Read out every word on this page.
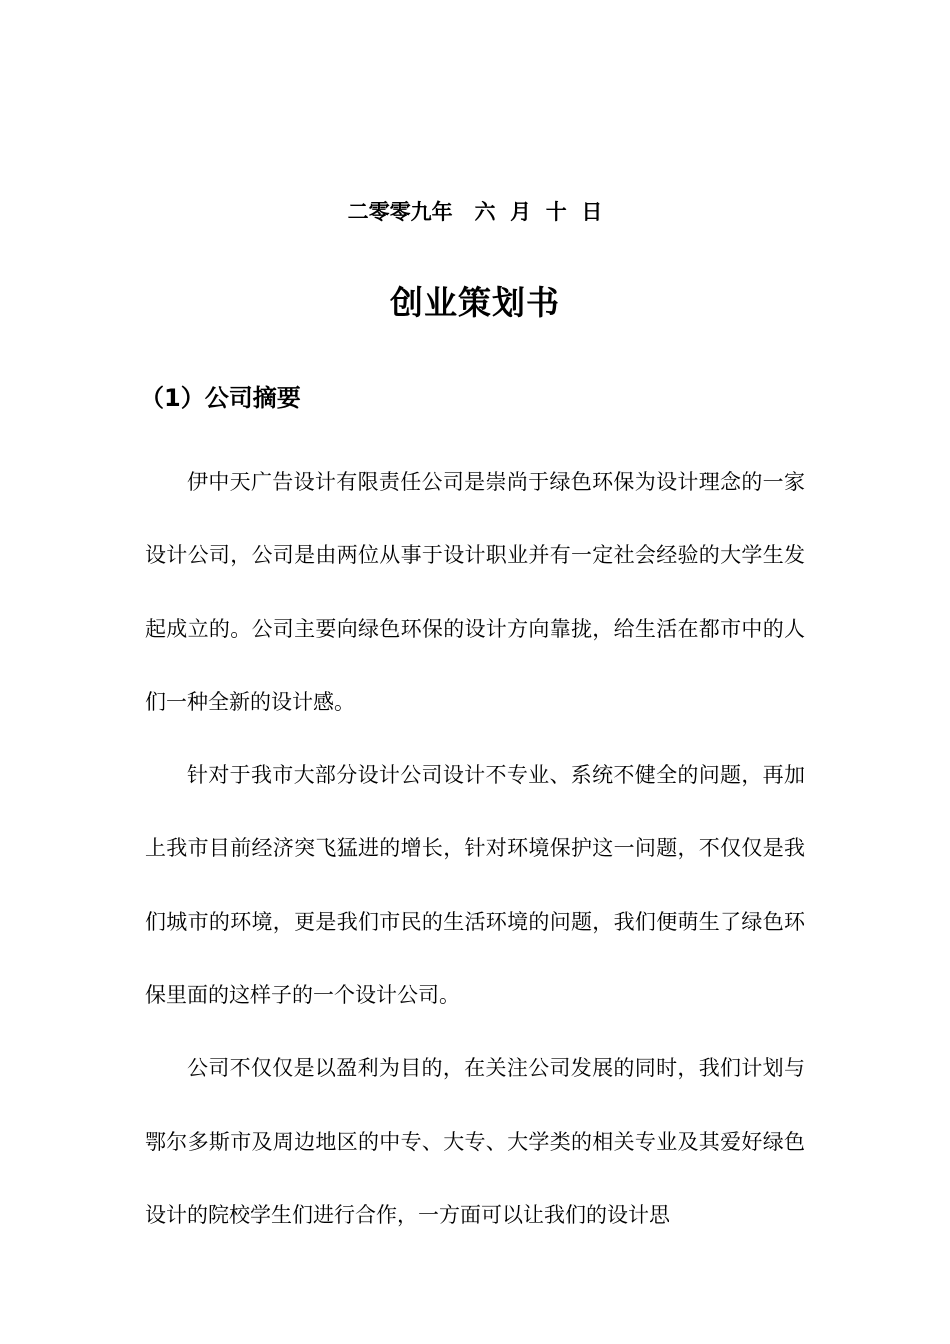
二零零九年   六  月  十  日
创业策划书
（1）公司摘要

伊中天广告设计有限责任公司是崇尚于绿色环保为设计理念的一家设计公司，公司是由两位从事于设计职业并有一定社会经验的大学生发起成立的。公司主要向绿色环保的设计方向靠拢，给生活在都市中的人们一种全新的设计感。

针对于我市大部分设计公司设计不专业、系统不健全的问题，再加上我市目前经济突飞猛进的增长，针对环境保护这一问题，不仅仅是我们城市的环境，更是我们市民的生活环境的问题，我们便萌生了绿色环保里面的这样子的一个设计公司。

公司不仅仅是以盈利为目的，在关注公司发展的同时，我们计划与鄂尔多斯市及周边地区的中专、大专、大学类的相关专业及其爱好绿色设计的院校学生们进行合作，一方面可以让我们的设计思
